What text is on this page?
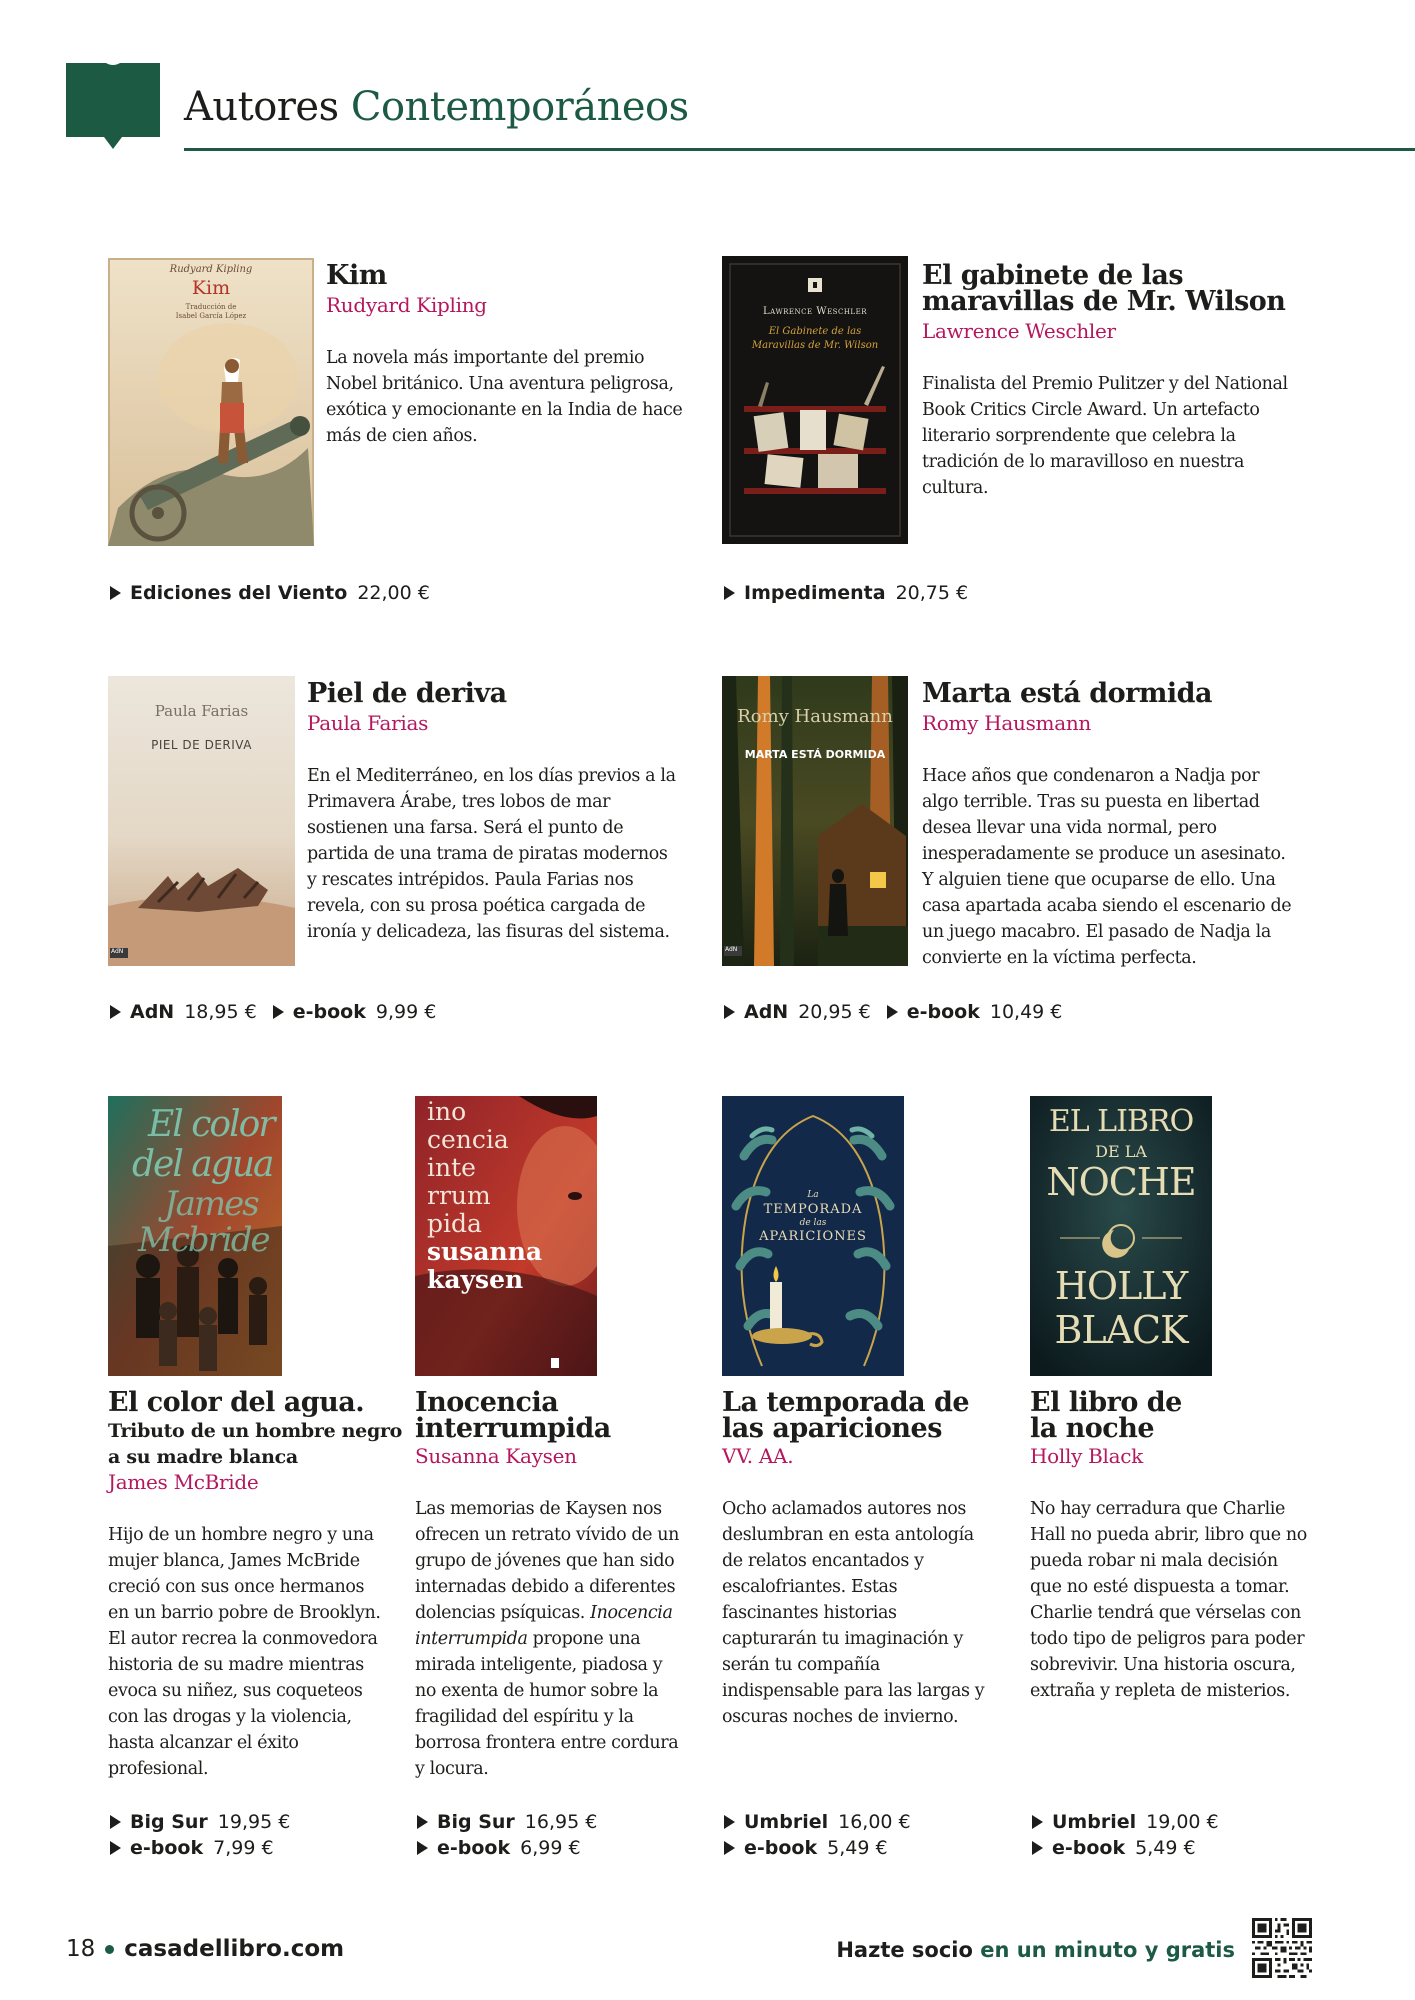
Autores Contemporáneos
Rudyard Kipling
Kim
Traducción de
Isabel García López
Kim
Rudyard Kipling
La novela más importante del premio Nobel británico. Una aventura peligrosa, exótica y emocionante en la India de hace más de cien años.
Ediciones del Viento 22,00 €
Lawrence Weschler
El Gabinete de las
Maravillas de Mr. Wilson
El gabinete de las
maravillas de Mr. Wilson
Lawrence Weschler
Finalista del Premio Pulitzer y del National Book Critics Circle Award. Un artefacto literario sorprendente que celebra la tradición de lo maravilloso en nuestra cultura.
Impedimenta 20,75 €
Paula Farias
PIEL DE DERIVA
AdN
Piel de deriva
Paula Farias
En el Mediterráneo, en los días previos a la Primavera Árabe, tres lobos de mar sostienen una farsa. Será el punto de partida de una trama de piratas modernos y rescates intrépidos. Paula Farias nos revela, con su prosa poética cargada de ironía y delicadeza, las fisuras del sistema.
AdN 18,95 € e-book 9,99 €
Romy Hausmann
MARTA ESTÁ DORMIDA
AdN
Marta está dormida
Romy Hausmann
Hace años que condenaron a Nadja por algo terrible. Tras su puesta en libertad desea llevar una vida normal, pero inesperadamente se produce un asesinato. Y alguien tiene que ocuparse de ello. Una casa apartada acaba siendo el escenario de un juego macabro. El pasado de Nadja la convierte en la víctima perfecta.
AdN 20,95 € e-book 10,49 €
El color
del agua
James
Mcbride
El color del agua.
Tributo de un hombre negro
a su madre blanca
James McBride
Hijo de un hombre negro y una mujer blanca, James McBride creció con sus once hermanos en un barrio pobre de Brooklyn. El autor recrea la conmovedora historia de su madre mientras evoca su niñez, sus coqueteos con las drogas y la violencia, hasta alcanzar el éxito profesional.
Big Sur 19,95 €
e-book 7,99 €
ino
cencia
inte
rrum
pida
susanna
kaysen
Inocencia
interrumpida
Susanna Kaysen
Las memorias de Kaysen nos ofrecen un retrato vívido de un grupo de jóvenes que han sido internadas debido a diferentes dolencias psíquicas. Inocencia interrumpida propone una mirada inteligente, piadosa y no exenta de humor sobre la fragilidad del espíritu y la borrosa frontera entre cordura y locura.
Big Sur 16,95 €
e-book 6,99 €
La
TEMPORADA
de las
APARICIONES
La temporada de
las apariciones
VV. AA.
Ocho aclamados autores nos deslumbran en esta antología de relatos encantados y escalofriantes. Estas fascinantes historias capturarán tu imaginación y serán tu compañía indispensable para las largas y oscuras noches de invierno.
Umbriel 16,00 €
e-book 5,49 €
EL LIBRO
DE LA
NOCHE
HOLLY
BLACK
El libro de
la noche
Holly Black
No hay cerradura que Charlie Hall no pueda abrir, libro que no pueda robar ni mala decisión que no esté dispuesta a tomar. Charlie tendrá que vérselas con todo tipo de peligros para poder sobrevivir. Una historia oscura, extraña y repleta de misterios.
Umbriel 19,00 €
e-book 5,49 €
18 casadellibro.com	Hazte socio en un minuto y gratis
